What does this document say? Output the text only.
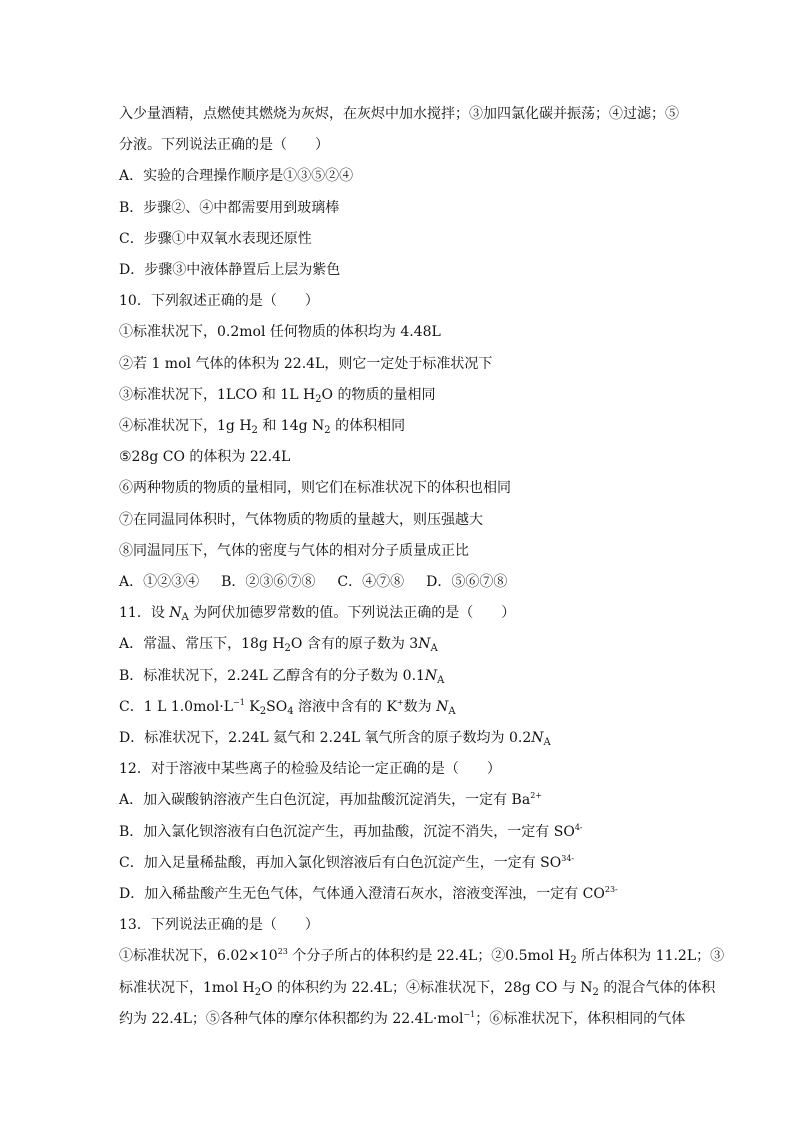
入少量酒精，点燃使其燃烧为灰烬，在灰烬中加水搅拌；③加四氯化碳并振荡；④过滤；⑤
分液。下列说法正确的是（　　）
A．实验的合理操作顺序是①③⑤②④
B．步骤②、④中都需要用到玻璃棒
C．步骤①中双氧水表现还原性
D．步骤③中液体静置后上层为紫色
10．下列叙述正确的是（　　）
①标准状况下，0.2mol 任何物质的体积均为 4.48L
②若 1 mol 气体的体积为 22.4L，则它一定处于标准状况下
③标准状况下，1LCO 和 1L $H_2O$ 的物质的量相同
④标准状况下，1g $H_2$ 和 14g $N_2$ 的体积相同
⑤28g CO 的体积为 22.4L
⑥两种物质的物质的量相同，则它们在标准状况下的体积也相同
⑦在同温同体积时，气体物质的物质的量越大，则压强越大
⑧同温同压下，气体的密度与气体的相对分子质量成正比
A．①②③④ B．②③⑥⑦⑧ C．④⑦⑧ D．⑤⑥⑦⑧
11．设 $N_A$ 为阿伏加德罗常数的值。下列说法正确的是（　　）
A．常温、常压下，18g $H_2O$ 含有的原子数为 $3N_A$
B．标准状况下，2.24L 乙醇含有的分子数为 $0.1N_A$
C．1 L $1.0mol\cdot L^{-1}$ $K_2SO_4$ 溶液中含有的 K+数为 $N_A$
D．标准状况下，2.24L 氦气和 2.24L 氧气所含的原子数均为 $0.2N_A$
12．对于溶液中某些离子的检验及结论一定正确的是（　　）
A．加入碳酸钠溶液产生白色沉淀，再加盐酸沉淀消失，一定有 $Ba^{2+}$
B．加入氯化钡溶液有白色沉淀产生，再加盐酸，沉淀不消失，一定有 $SO^{4-}$
C．加入足量稀盐酸，再加入氯化钡溶液后有白色沉淀产生，一定有 $SO^{34-}$
D．加入稀盐酸产生无色气体，气体通入澄清石灰水，溶液变浑浊，一定有 $CO^{23-}$
13．下列说法正确的是（　　）
①标准状况下，$6.02\times 10^{23}$ 个分子所占的体积约是 22.4L；②0.5mol $H_2$ 所占体积为 11.2L；③
标准状况下，1mol $H_2O$ 的体积约为 22.4L；④标准状况下，28g CO 与 $N_2$ 的混合气体的体积
约为 22.4L；⑤各种气体的摩尔体积都约为 22.4L·mol$^{-1}$；⑥标准状况下，体积相同的气体
